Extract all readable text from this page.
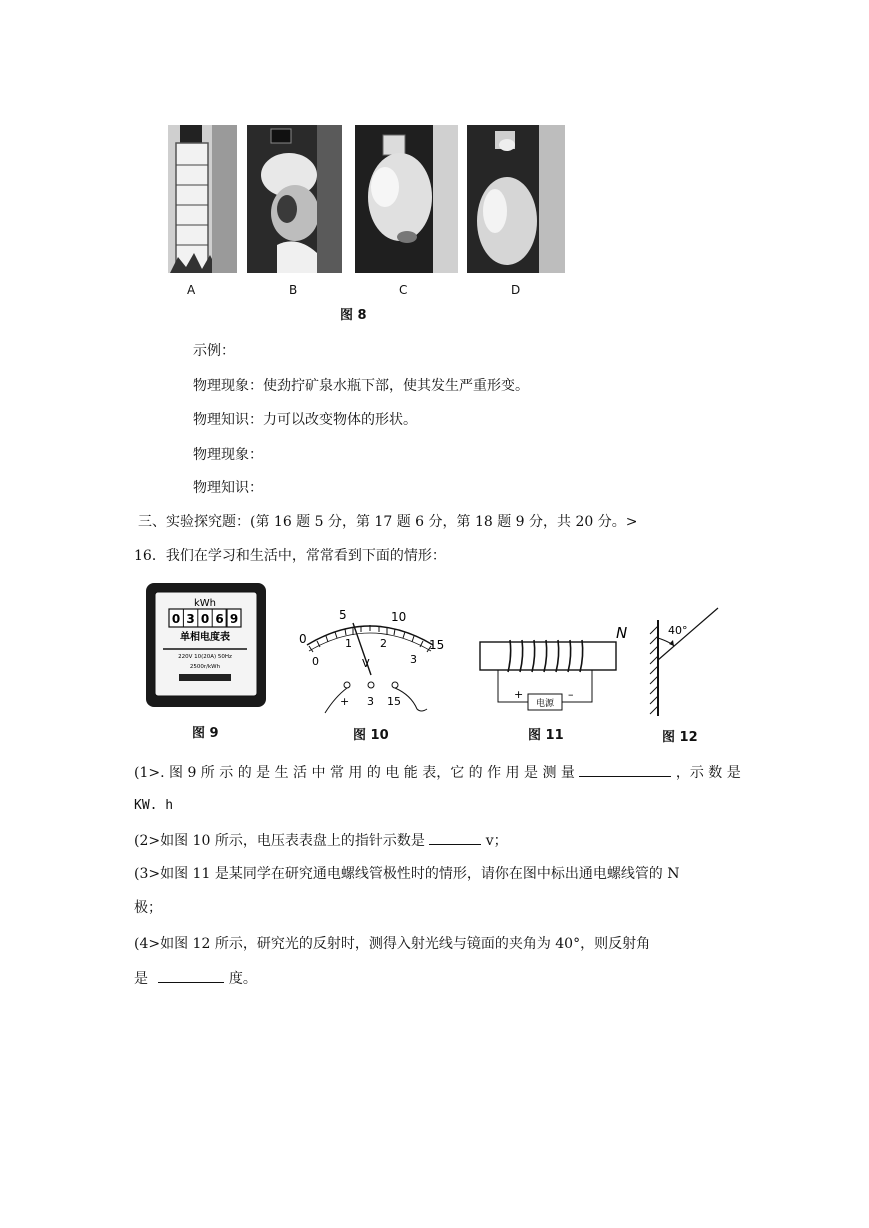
A	B	C	D
图 8
示例：
物理现象：使劲拧矿泉水瓶下部，使其发生严重形变。
物理知识：力可以改变物体的形状。
物理现象：
物理知识：
三、实验探究题：(第 16 题 5 分，第 17 题 6 分，第 18 题 9 分，共 20 分。>
16．我们在学习和生活中，常常看到下面的情形：
kWh
0 3 0 6 9
单相电度表
220V 10(20A) 50Hz
2500r/kWh
图 9
0
5	10
15
0
1	2
3
V
+ 3 15
图 10
电源
+	–
N
图 11
40°
图 12
(1>. 图 9 所 示 的 是 生 活 中 常 用 的 电 能 表，它 的 作 用 是 测 量	，示 数 是
KW. h
(2>如图 10 所示，电压表表盘上的指针示数是	v；
(3>如图 11 是某同学在研究通电螺线管极性时的情形，请你在图中标出通电螺线管的 N
极；
(4>如图 12 所示，研究光的反射时，测得入射光线与镜面的夹角为 40°，则反射角
是	度。
